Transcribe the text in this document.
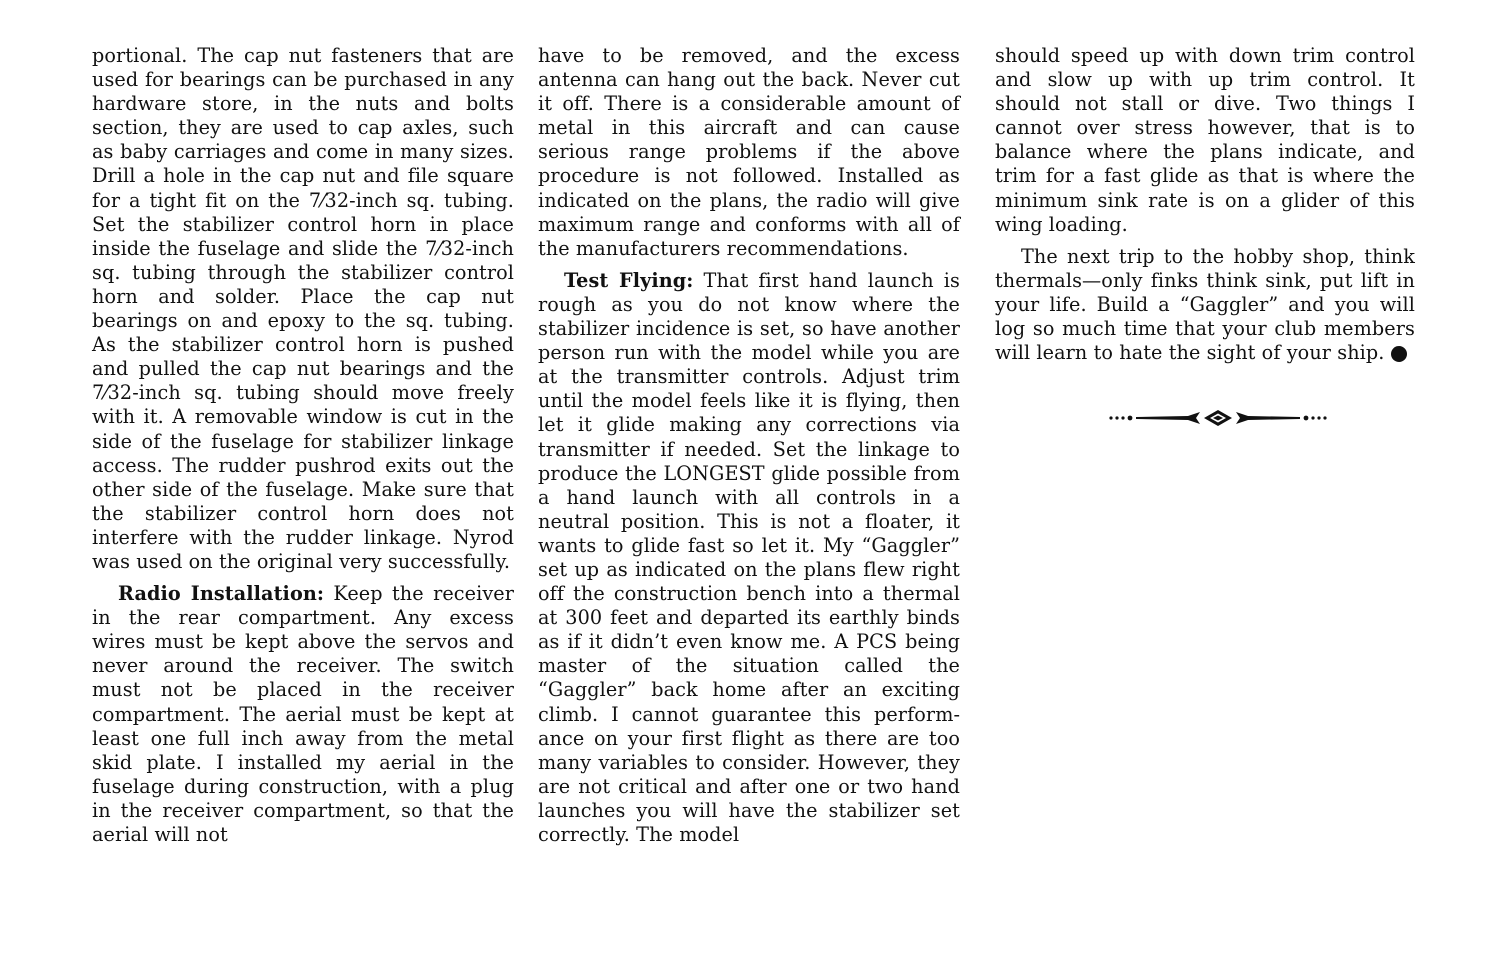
portional. The cap nut fasteners that are used for bearings can be purchased in any hardware store, in the nuts and bolts section, they are used to cap axles, such as baby carriages and come in many sizes. Drill a hole in the cap nut and file square for a tight fit on the 7⁄32-inch sq. tubing. Set the stabilizer control horn in place inside the fuselage and slide the 7⁄32-inch sq. tubing through the stabilizer control horn and solder. Place the cap nut bearings on and epoxy to the sq. tubing. As the stabilizer control horn is pushed and pulled the cap nut bearings and the 7⁄32-inch sq. tubing should move freely with it. A removable window is cut in the side of the fuselage for stabilizer linkage access. The rudder pushrod exits out the other side of the fuselage. Make sure that the stabilizer control horn does not interfere with the rudder linkage. Nyrod was used on the original very successfully.

Radio Installation: Keep the receiver in the rear compartment. Any excess wires must be kept above the servos and never around the receiver. The switch must not be placed in the receiver compartment. The aerial must be kept at least one full inch away from the metal skid plate. I installed my aerial in the fuselage during construction, with a plug in the receiver compartment, so that the aerial will not

have to be removed, and the excess antenna can hang out the back. Never cut it off. There is a considerable amount of metal in this aircraft and can cause serious range problems if the above procedure is not followed. Installed as indicated on the plans, the radio will give maximum range and conforms with all of the manufacturers recommendations.

Test Flying: That first hand launch is rough as you do not know where the stabilizer incidence is set, so have another person run with the model while you are at the transmitter controls. Adjust trim until the model feels like it is flying, then let it glide making any corrections via transmitter if needed. Set the linkage to produce the LONGEST glide possible from a hand launch with all controls in a neutral position. This is not a floater, it wants to glide fast so let it. My “Gaggler” set up as indicated on the plans flew right off the construction bench into a thermal at 300 feet and departed its earthly binds as if it didn’t even know me. A PCS being master of the situation called the “Gaggler” back home after an exciting climb. I cannot guarantee this performance on your first flight as there are too many variables to consider. However, they are not critical and after one or two hand launches you will have the stabilizer set correctly. The model

should speed up with down trim control and slow up with up trim control. It should not stall or dive. Two things I cannot over stress however, that is to balance where the plans indicate, and trim for a fast glide as that is where the minimum sink rate is on a glider of this wing loading.

The next trip to the hobby shop, think thermals—only finks think sink, put lift in your life. Build a “Gaggler” and you will log so much time that your club members will learn to hate the sight of your ship.
